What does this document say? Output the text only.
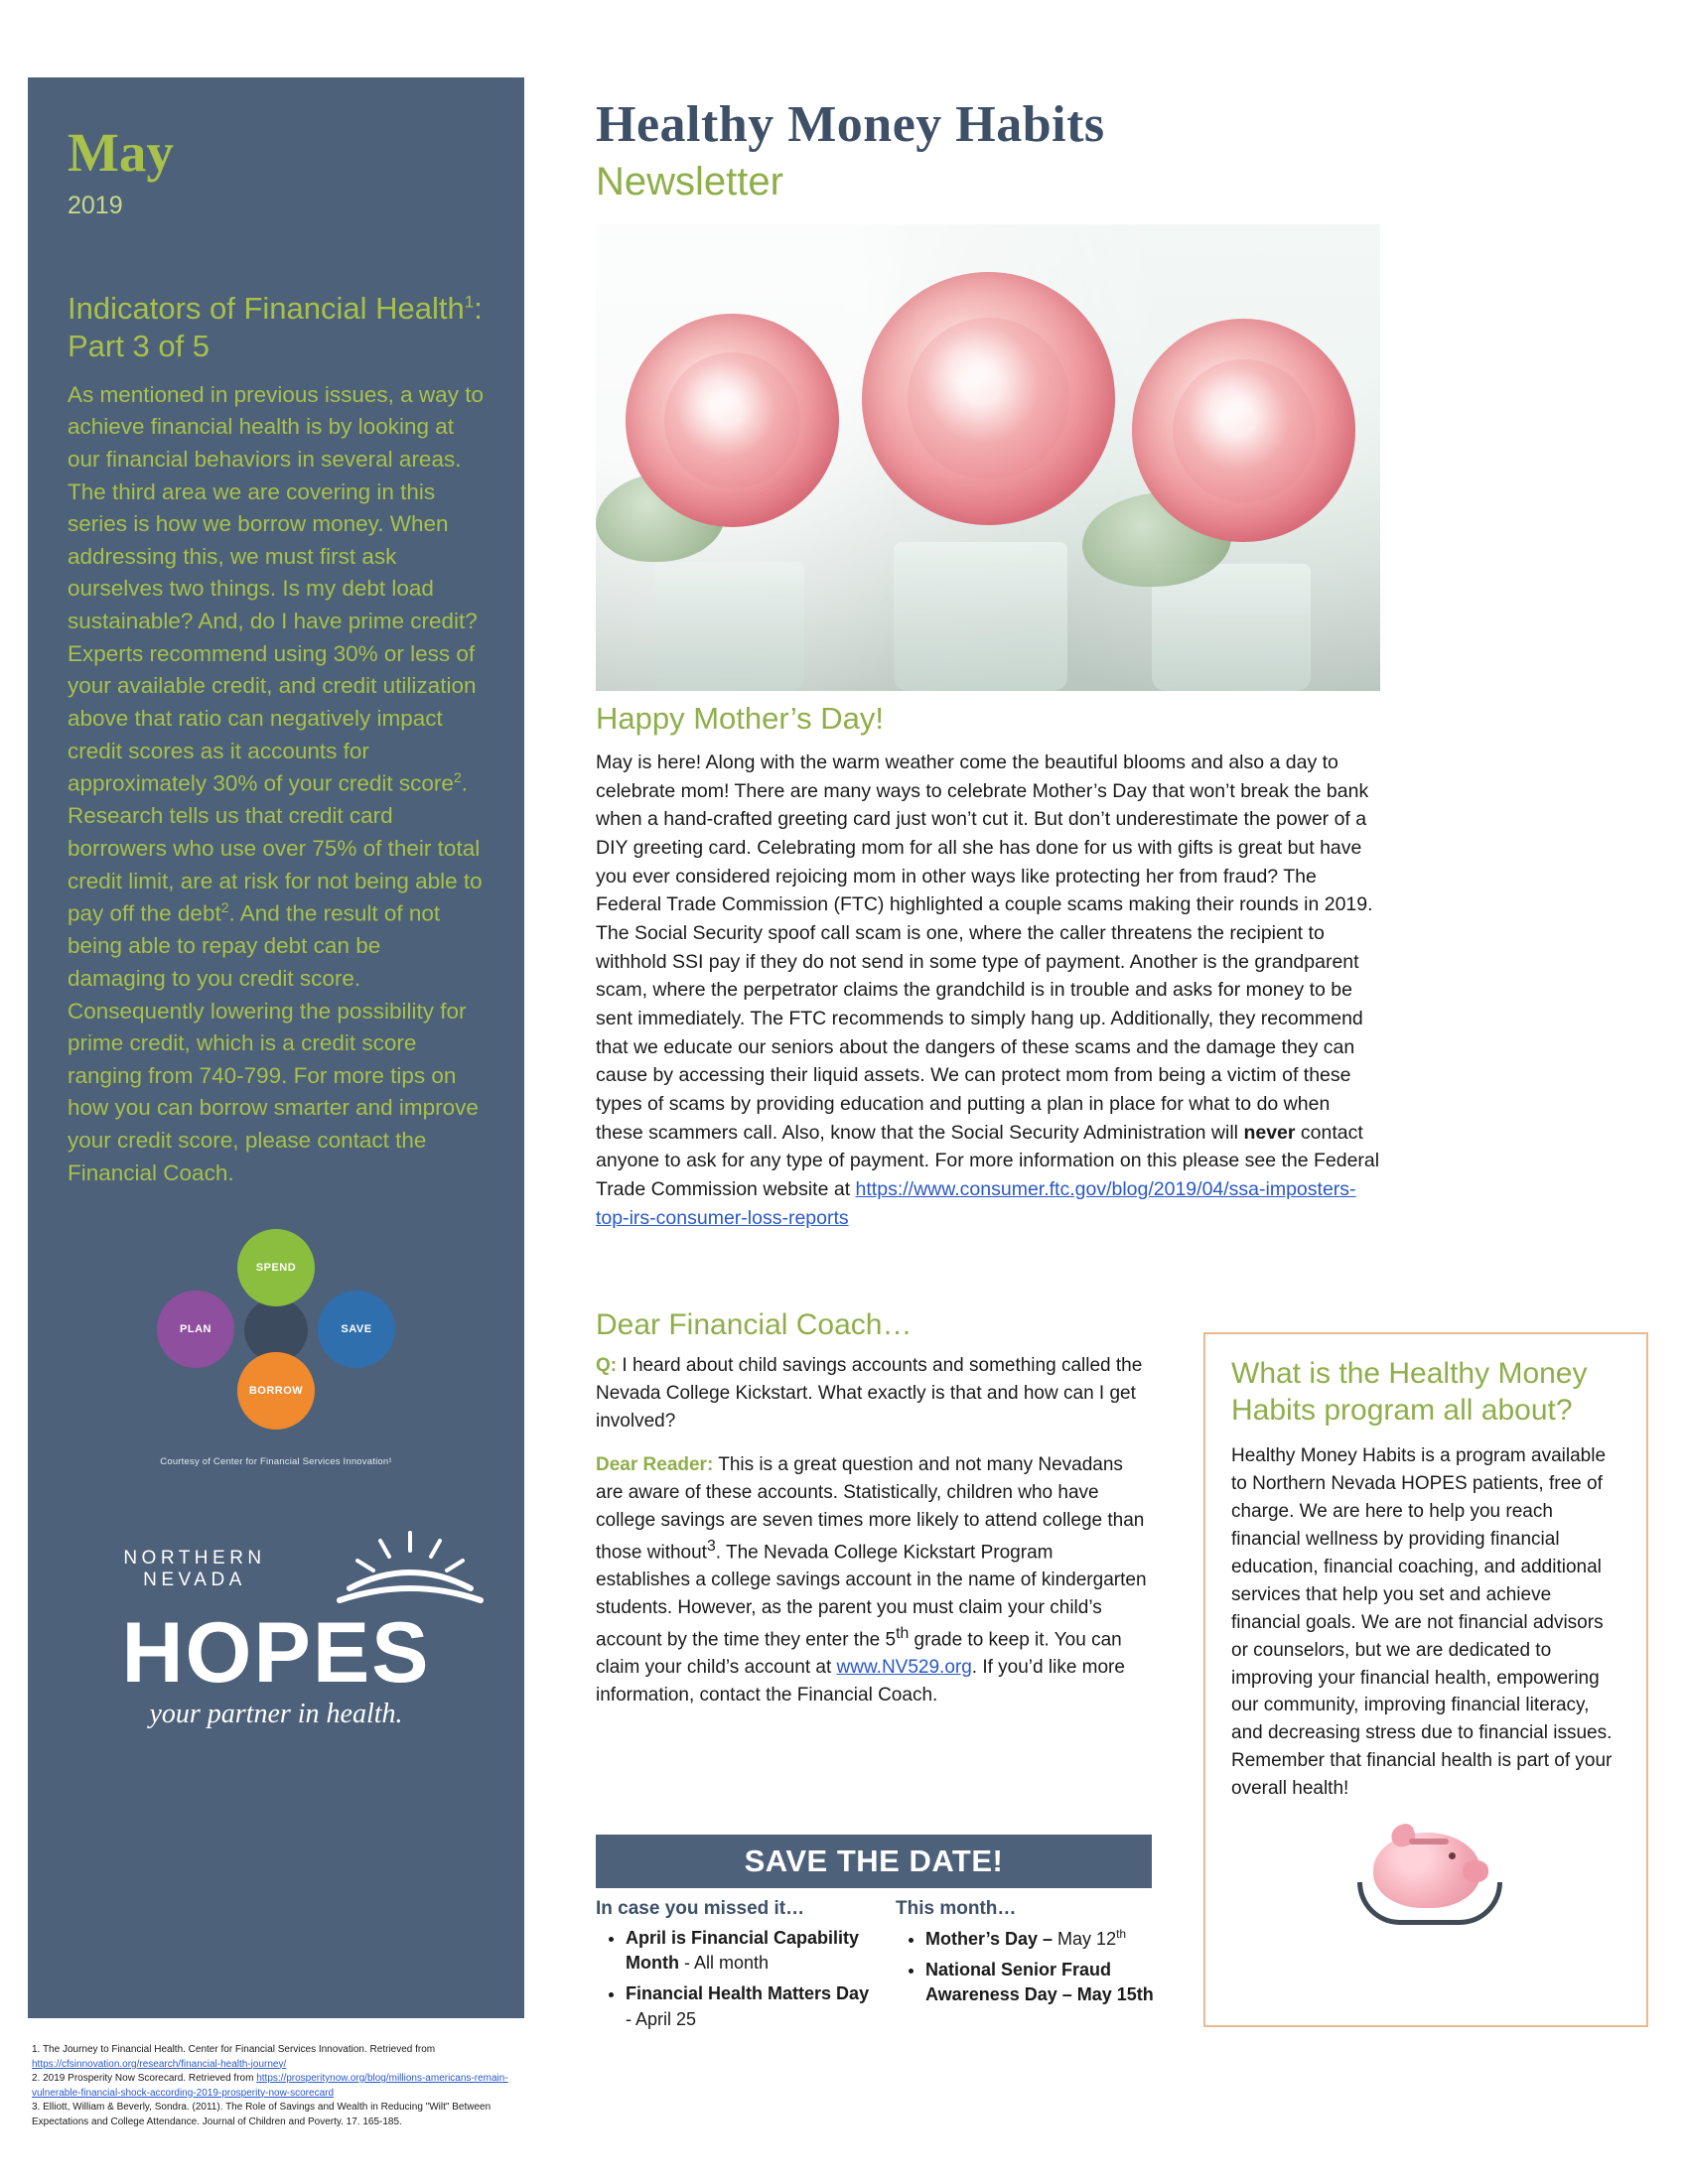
May
2019
Indicators of Financial Health$^1$: Part 3 of 5

As mentioned in previous issues, a way to achieve financial health is by looking at our financial behaviors in several areas. The third area we are covering in this series is how we borrow money. When addressing this, we must first ask ourselves two things. Is my debt load sustainable? And, do I have prime credit? Experts recommend using 30% or less of your available credit, and credit utilization above that ratio can negatively impact credit scores as it accounts for approximately 30% of your credit score$^2$. Research tells us that credit card borrowers who use over 75% of their total credit limit, are at risk for not being able to pay off the debt$^2$. And the result of not being able to repay debt can be damaging to you credit score. Consequently lowering the possibility for prime credit, which is a credit score ranging from 740-799. For more tips on how you can borrow smarter and improve your credit score, please contact the Financial Coach.

SPEND
SAVE
PLAN
BORROW
Courtesy of Center for Financial Services Innovation¹
NORTHERN NEVADA
HOPES
your partner in health.
1. The Journey to Financial Health. Center for Financial Services Innovation. Retrieved from
https://cfsinnovation.org/research/financial-health-journey/
2. 2019 Prosperity Now Scorecard. Retrieved from https://prosperitynow.org/blog/millions-americans-remain-vulnerable-financial-shock-according-2019-prosperity-now-scorecard
3. Elliott, William & Beverly, Sondra. (2011). The Role of Savings and Wealth in Reducing "Wilt" Between Expectations and College Attendance. Journal of Children and Poverty. 17. 165-185.
Healthy Money Habits
Newsletter
Happy Mother’s Day!

May is here! Along with the warm weather come the beautiful blooms and also a day to celebrate mom! There are many ways to celebrate Mother’s Day that won’t break the bank when a hand-crafted greeting card just won’t cut it. But don’t underestimate the power of a DIY greeting card. Celebrating mom for all she has done for us with gifts is great but have you ever considered rejoicing mom in other ways like protecting her from fraud? The Federal Trade Commission (FTC) highlighted a couple scams making their rounds in 2019. The Social Security spoof call scam is one, where the caller threatens the recipient to withhold SSI pay if they do not send in some type of payment. Another is the grandparent scam, where the perpetrator claims the grandchild is in trouble and asks for money to be sent immediately. The FTC recommends to simply hang up. Additionally, they recommend that we educate our seniors about the dangers of these scams and the damage they can cause by accessing their liquid assets. We can protect mom from being a victim of these types of scams by providing education and putting a plan in place for what to do when these scammers call. Also, know that the Social Security Administration will never contact anyone to ask for any type of payment. For more information on this please see the Federal Trade Commission website at https://www.consumer.ftc.gov/blog/2019/04/ssa-imposters-top-irs-consumer-loss-reports

Dear Financial Coach…

Q: I heard about child savings accounts and something called the Nevada College Kickstart. What exactly is that and how can I get involved?

Dear Reader: This is a great question and not many Nevadans are aware of these accounts. Statistically, children who have college savings are seven times more likely to attend college than those without$^3$. The Nevada College Kickstart Program establishes a college savings account in the name of kindergarten students. However, as the parent you must claim your child’s account by the time they enter the 5th grade to keep it. You can claim your child’s account at www.NV529.org. If you’d like more information, contact the Financial Coach.

SAVE THE DATE!
In case you missed it…
• April is Financial Capability Month - All month
• Financial Health Matters Day - April 25
This month…
• Mother’s Day – May 12th
• National Senior Fraud Awareness Day – May 15th
What is the Healthy Money Habits program all about?

Healthy Money Habits is a program available to Northern Nevada HOPES patients, free of charge. We are here to help you reach financial wellness by providing financial education, financial coaching, and additional services that help you set and achieve financial goals. We are not financial advisors or counselors, but we are dedicated to improving your financial health, empowering our community, improving financial literacy, and decreasing stress due to financial issues. Remember that financial health is part of your overall health!
